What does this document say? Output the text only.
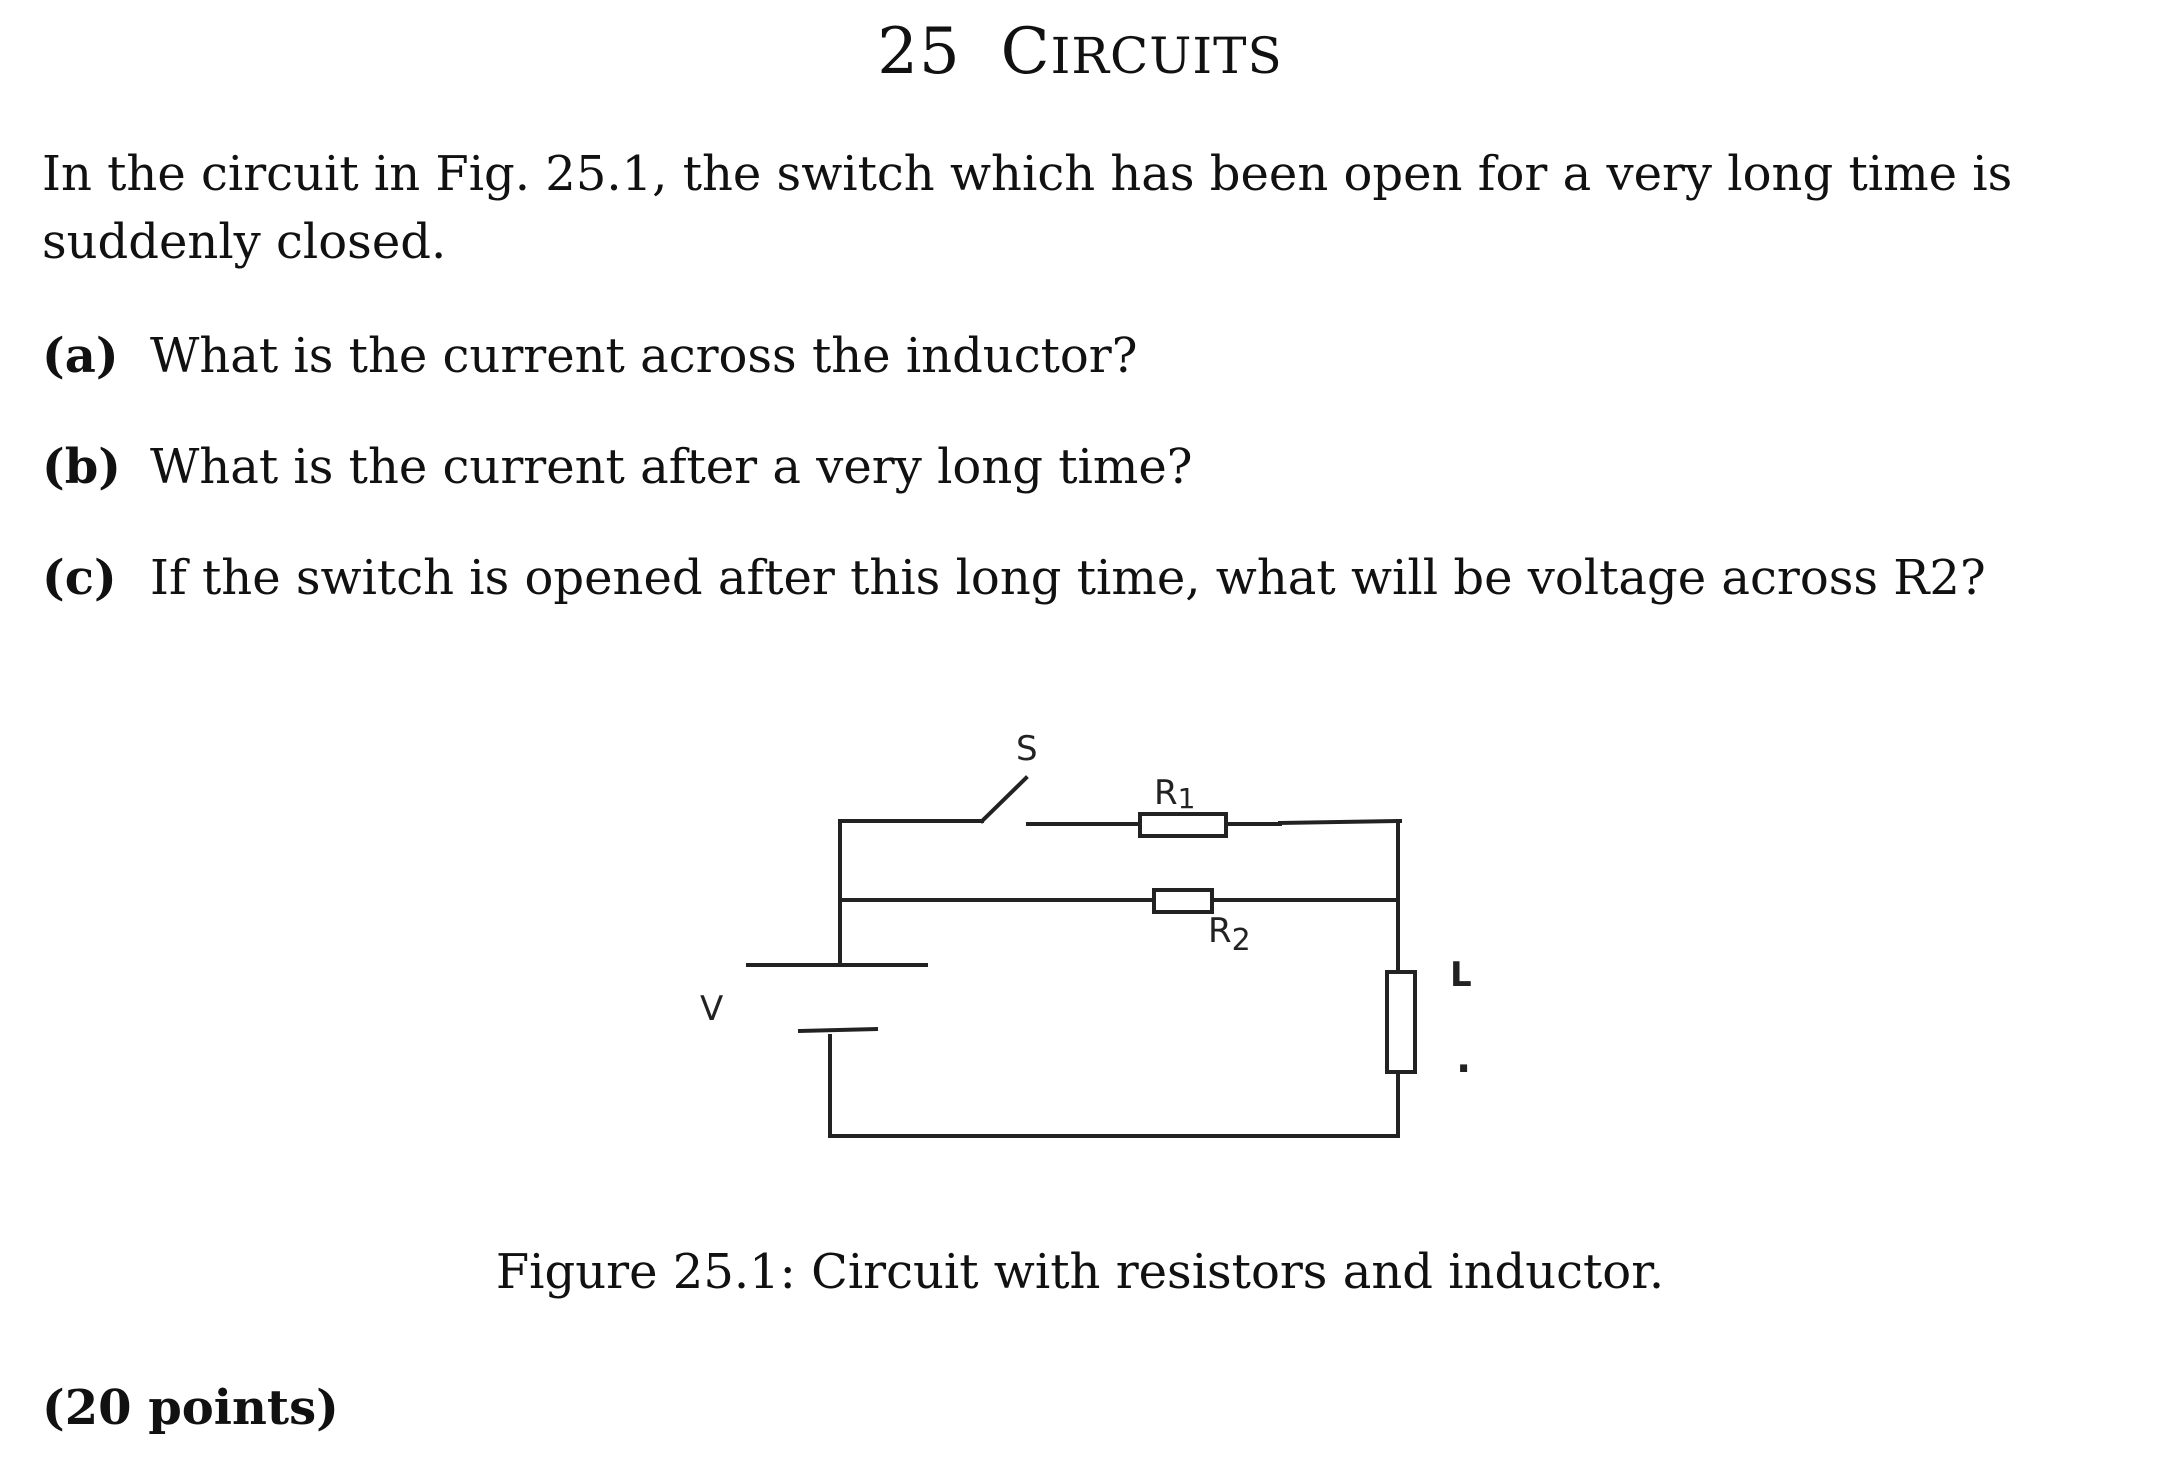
25 CIRCUITS
In the circuit in Fig. 25.1, the switch which has been open for a very long time is suddenly closed.
(a) What is the current across the inductor?
(b) What is the current after a very long time?
(c) If the switch is opened after this long time, what will be voltage across R2?
S
R1
R2
V
L
.
Figure 25.1: Circuit with resistors and inductor.
(20 points)
